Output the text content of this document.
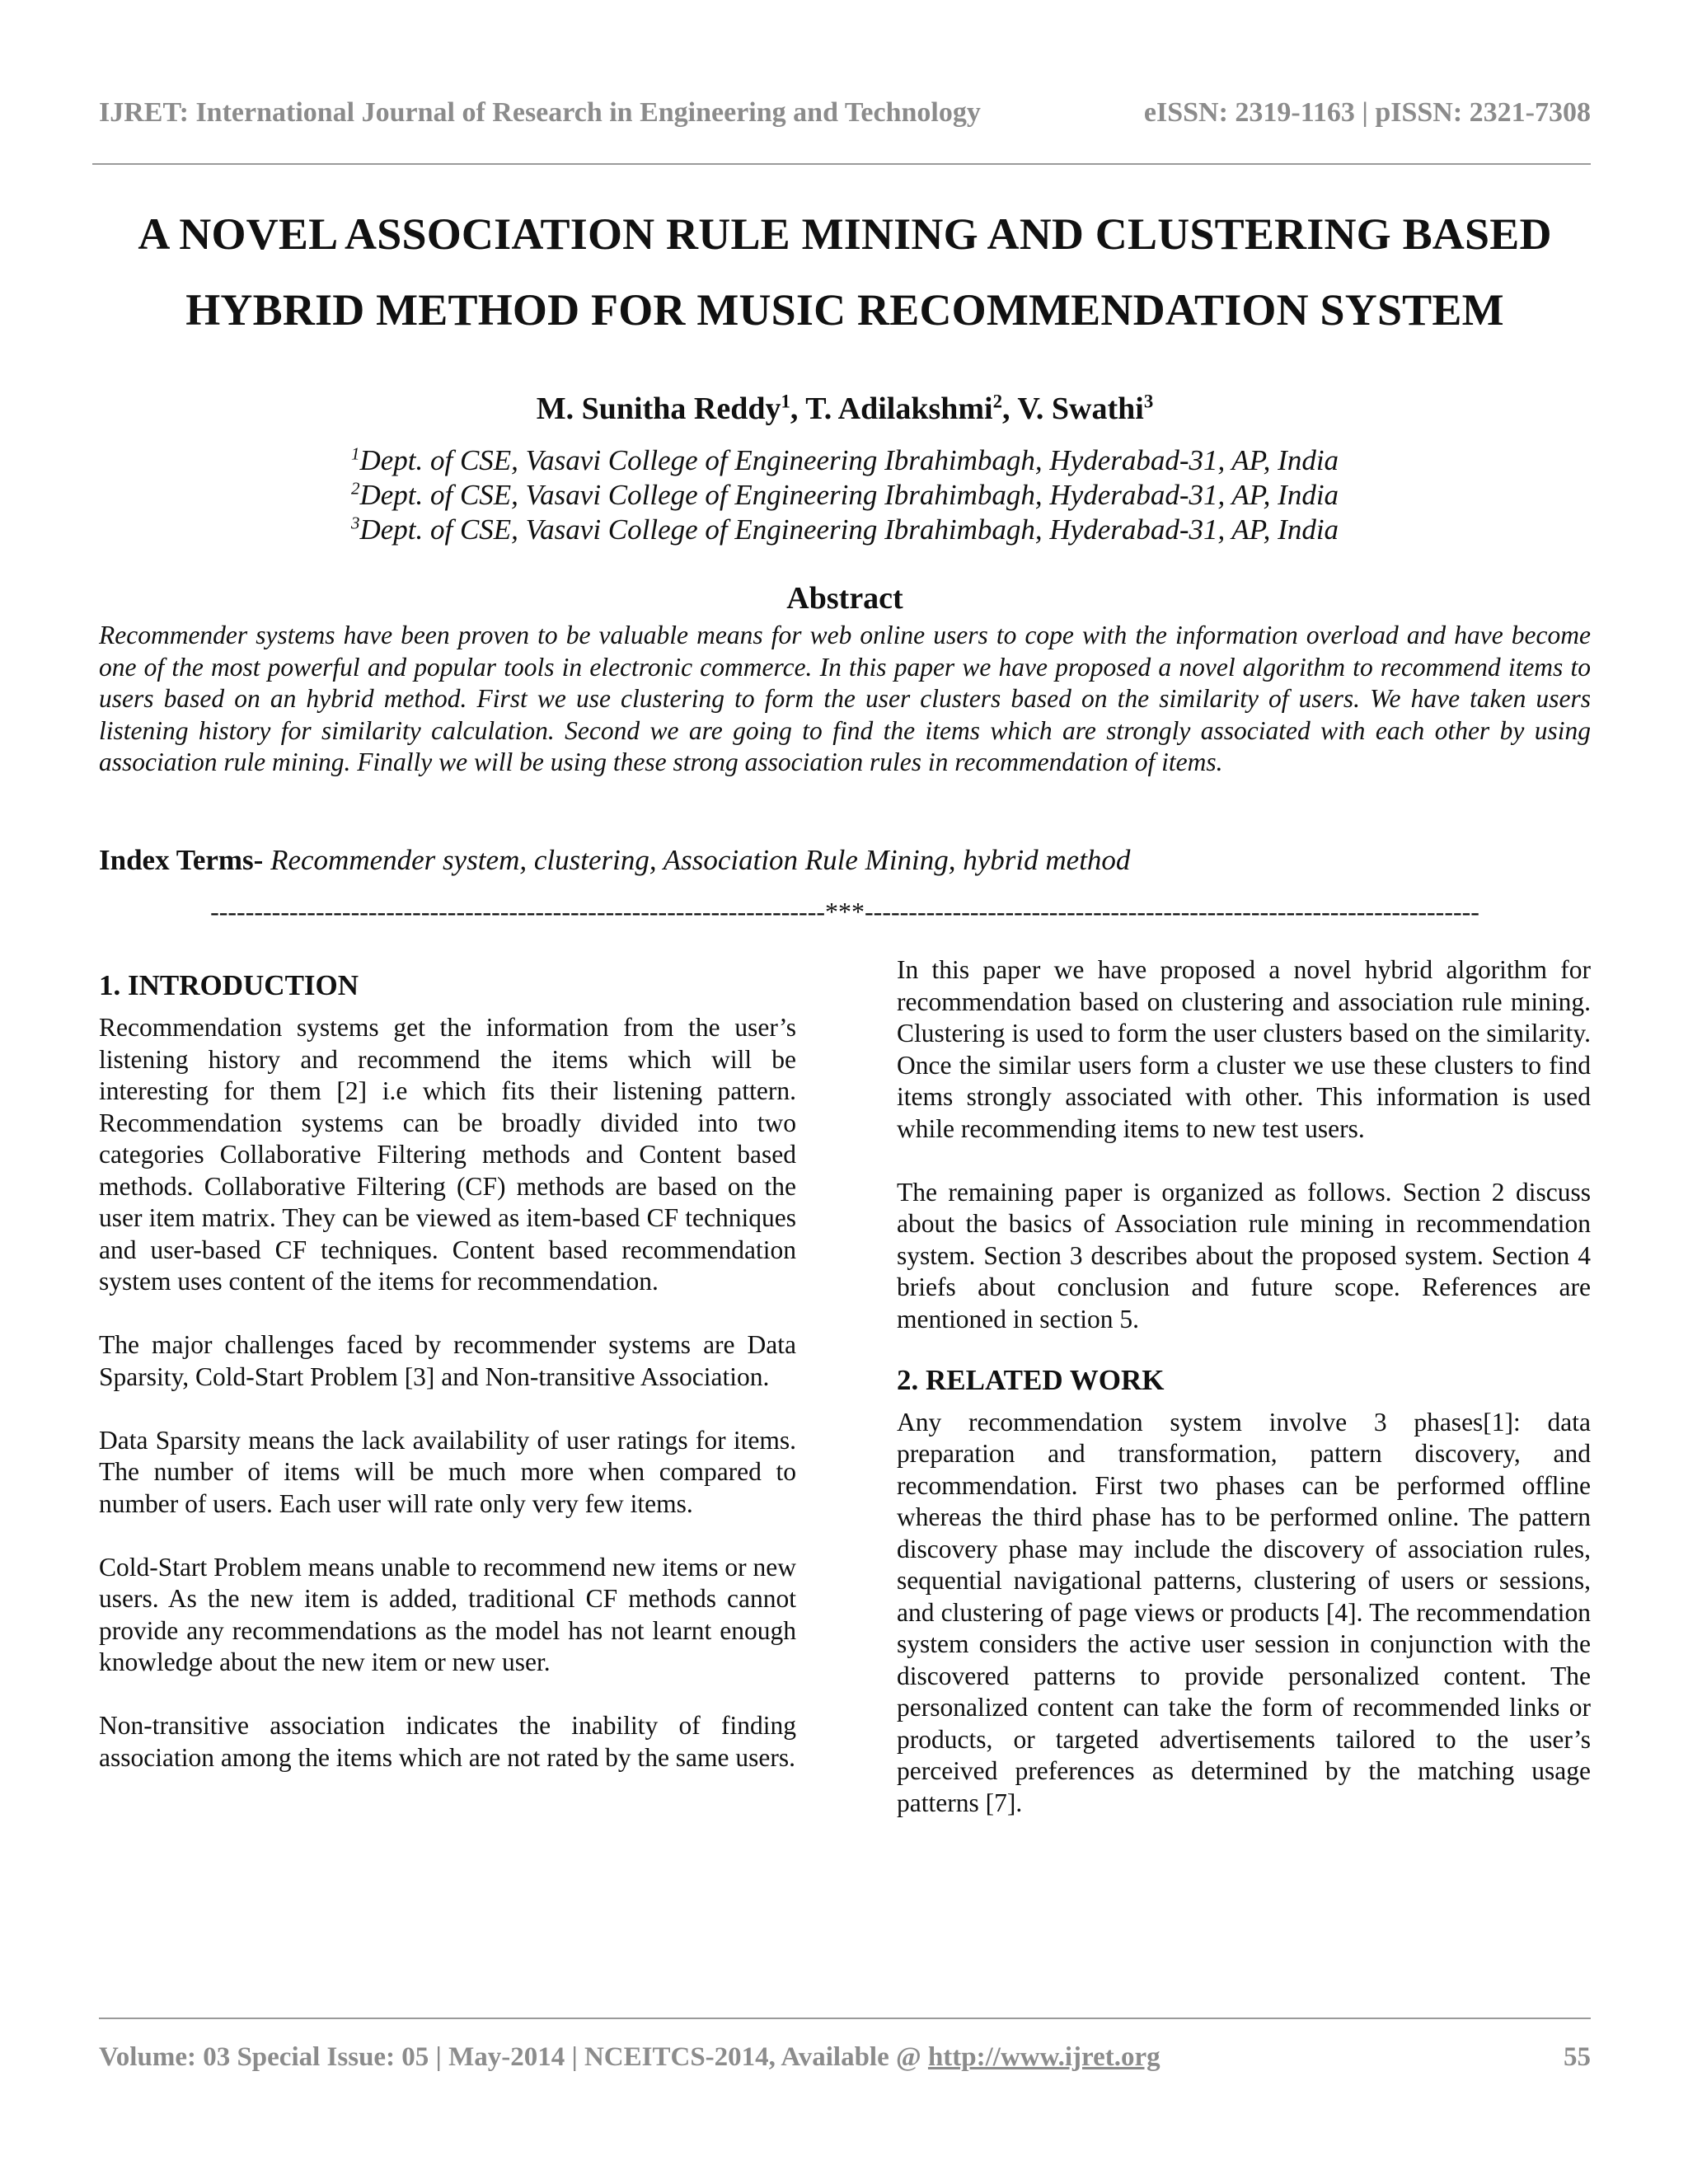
IJRET: International Journal of Research in Engineering and Technology	eISSN: 2319-1163 | pISSN: 2321-7308
A NOVEL ASSOCIATION RULE MINING AND CLUSTERING BASED
HYBRID METHOD FOR MUSIC RECOMMENDATION SYSTEM
M. Sunitha Reddy$^1$, T. Adilakshmi$^2$, V. Swathi$^3$
$^1$Dept. of CSE, Vasavi College of Engineering Ibrahimbagh, Hyderabad-31, AP, India
$^2$Dept. of CSE, Vasavi College of Engineering Ibrahimbagh, Hyderabad-31, AP, India
$^3$Dept. of CSE, Vasavi College of Engineering Ibrahimbagh, Hyderabad-31, AP, India
Abstract

Recommender systems have been proven to be valuable means for web online users to cope with the information overload and have become one of the most powerful and popular tools in electronic commerce. In this paper we have proposed a novel algorithm to recommend items to users based on an hybrid method. First we use clustering to form the user clusters based on the similarity of users. We have taken users listening history for similarity calculation. Second we are going to find the items which are strongly associated with each other by using association rule mining. Finally we will be using these strong association rules in recommendation of items.

Index Terms- Recommender system, clustering, Association Rule Mining, hybrid method
----------------------------------------------------------------------***----------------------------------------------------------------------
1. INTRODUCTION

Recommendation systems get the information from the user’s listening history and recommend the items which will be interesting for them [2] i.e which fits their listening pattern. Recommendation systems can be broadly divided into two categories Collaborative Filtering methods and Content based methods. Collaborative Filtering (CF) methods are based on the user item matrix. They can be viewed as item-based CF techniques and user-based CF techniques. Content based recommendation system uses content of the items for recommendation.

The major challenges faced by recommender systems are Data Sparsity, Cold-Start Problem [3] and Non-transitive Association.

Data Sparsity means the lack availability of user ratings for items. The number of items will be much more when compared to number of users. Each user will rate only very few items.

Cold-Start Problem means unable to recommend new items or new users. As the new item is added, traditional CF methods cannot provide any recommendations as the model has not learnt enough knowledge about the new item or new user.

Non-transitive association indicates the inability of finding association among the items which are not rated by the same users.

In this paper we have proposed a novel hybrid algorithm for recommendation based on clustering and association rule mining. Clustering is used to form the user clusters based on the similarity. Once the similar users form a cluster we use these clusters to find items strongly associated with other. This information is used while recommending items to new test users.

The remaining paper is organized as follows. Section 2 discuss about the basics of Association rule mining in recommendation system. Section 3 describes about the proposed system. Section 4 briefs about conclusion and future scope. References are mentioned in section 5.

2. RELATED WORK

Any recommendation system involve 3 phases[1]: data preparation and transformation, pattern discovery, and recommendation. First two phases can be performed offline whereas the third phase has to be performed online. The pattern discovery phase may include the discovery of association rules, sequential navigational patterns, clustering of users or sessions, and clustering of page views or products [4]. The recommendation system considers the active user session in conjunction with the discovered patterns to provide personalized content. The personalized content can take the form of recommended links or products, or targeted advertisements tailored to the user’s perceived preferences as determined by the matching usage patterns [7].

Volume: 03 Special Issue: 05 | May-2014 | NCEITCS-2014, Available @ http://www.ijret.org	55
